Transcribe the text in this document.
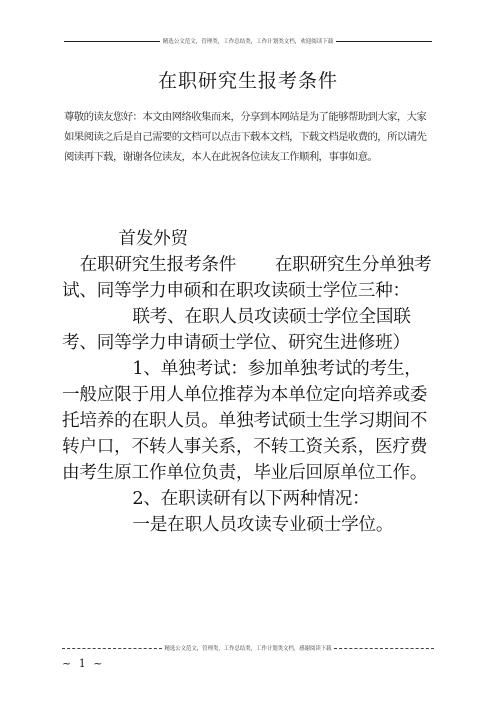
精选公文范文，管理类，工作总结类，工作计划类文档，欢迎阅读下载
在职研究生报考条件
尊敬的读友您好：本文由网络收集而来，分享到本网站是为了能够帮助到大家，大家如果阅读之后是自己需要的文档可以点击下载本文档，下载文档是收费的，所以请先阅读再下载，谢谢各位读友，本人在此祝各位读友工作顺利，事事如意。

首发外贸

在职研究生报考条件 在职研究生分单独考试、同等学力申硕和在职攻读硕士学位三种：

联考、在职人员攻读硕士学位全国联考、同等学力申请硕士学位、研究生进修班）

1、单独考试：参加单独考试的考生，一般应限于用人单位推荐为本单位定向培养或委托培养的在职人员。单独考试硕士生学习期间不转户口，不转人事关系，不转工资关系，医疗费由考生原工作单位负责，毕业后回原单位工作。

2、在职读研有以下两种情况：

一是在职人员攻读专业硕士学位。

精选公文范文，管理类，工作总结类，工作计划类文档，感谢阅读下载
~ 1 ~
